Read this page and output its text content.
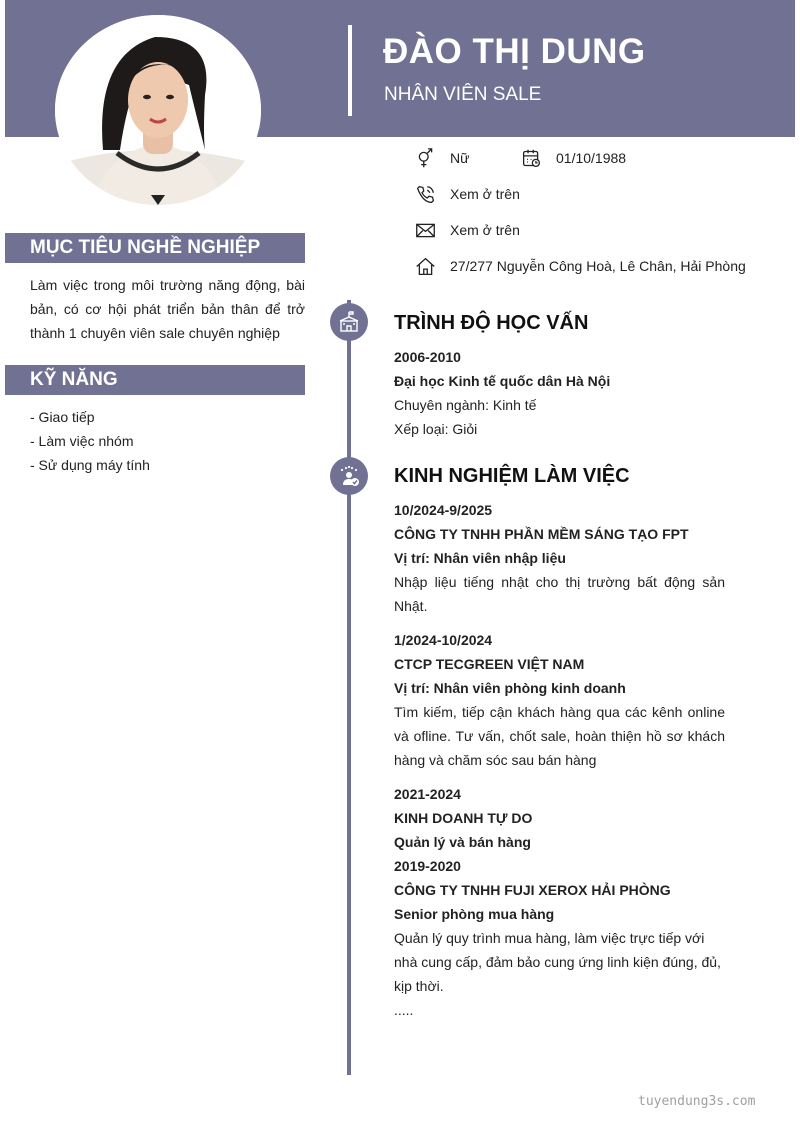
ĐÀO THỊ DUNG
NHÂN VIÊN SALE
Nữ	01/10/1988
Xem ở trên
Xem ở trên
27/277 Nguyễn Công Hoà, Lê Chân, Hải Phòng
MỤC TIÊU NGHỀ NGHIỆP
Làm việc trong môi trường năng động, bài bản, có cơ hội phát triển bản thân để trở thành 1 chuyên viên sale chuyên nghiệp
KỸ NĂNG
- Giao tiếp
- Làm việc nhóm
- Sử dụng máy tính
TRÌNH ĐỘ HỌC VẤN
2006-2010
Đại học Kinh tế quốc dân Hà Nội
Chuyên ngành: Kinh tế
Xếp loại: Giỏi
KINH NGHIỆM LÀM VIỆC
10/2024-9/2025
CÔNG TY TNHH PHẦN MỀM SÁNG TẠO FPT
Vị trí: Nhân viên nhập liệu
Nhập liệu tiếng nhật cho thị trường bất động sản Nhật.
1/2024-10/2024
CTCP TECGREEN VIỆT NAM
Vị trí: Nhân viên phòng kinh doanh
Tìm kiếm, tiếp cận khách hàng qua các kênh online và ofline. Tư vấn, chốt sale, hoàn thiện hồ sơ khách hàng và chăm sóc sau bán hàng
2021-2024
KINH DOANH TỰ DO
Quản lý và bán hàng
2019-2020
CÔNG TY TNHH FUJI XEROX HẢI PHÒNG
Senior phòng mua hàng
Quản lý quy trình mua hàng, làm việc trực tiếp với nhà cung cấp, đảm bảo cung ứng linh kiện đúng, đủ, kịp thời.
.....
tuyendung3s.com
